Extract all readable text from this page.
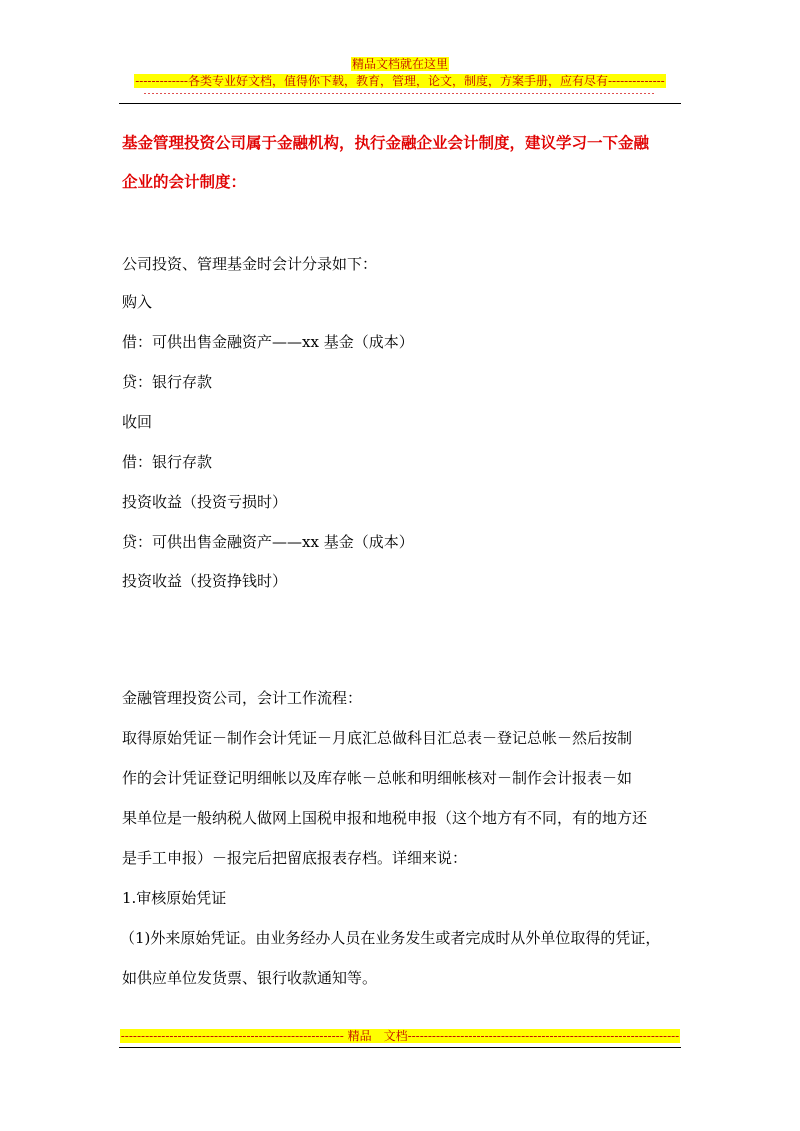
精品文档就在这里
-------------各类专业好文档，值得你下载，教育，管理，论文，制度，方案手册，应有尽有--------------
基金管理投资公司属于金融机构，执行金融企业会计制度，建议学习一下金融
企业的会计制度：
公司投资、管理基金时会计分录如下：
购入
借：可供出售金融资产——xx 基金（成本）
贷：银行存款
收回
借：银行存款
投资收益（投资亏损时）
贷：可供出售金融资产——xx 基金（成本）
投资收益（投资挣钱时）
金融管理投资公司，会计工作流程：
取得原始凭证－制作会计凭证－月底汇总做科目汇总表－登记总帐－然后按制
作的会计凭证登记明细帐以及库存帐－总帐和明细帐核对－制作会计报表－如
果单位是一般纳税人做网上国税申报和地税申报（这个地方有不同，有的地方还
是手工申报）－报完后把留底报表存档。详细来说：
1.审核原始凭证
（1)外来原始凭证。由业务经办人员在业务发生或者完成时从外单位取得的凭证，
如供应单位发货票、银行收款通知等。
------------------------------------------------------- 精品　文档-------------------------------------------------------------------
